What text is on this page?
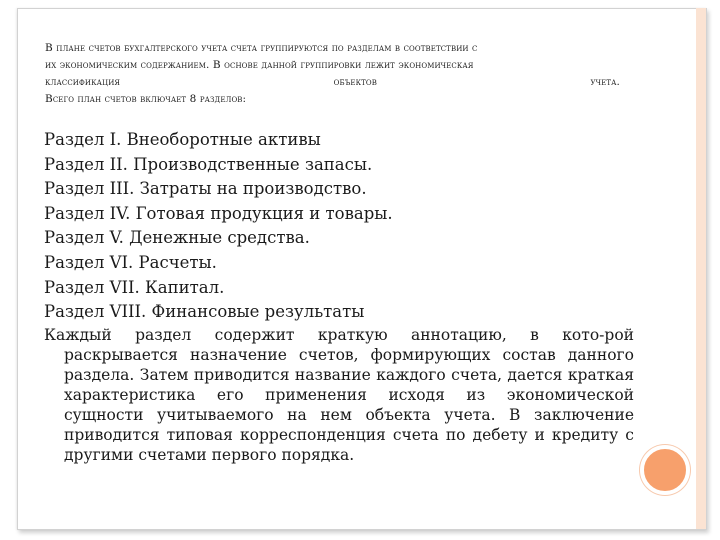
В плане счетов бухгалтерского учета счета группируются по разделам в соответствии с
их экономическим содержанием. В основе данной группировки лежит экономическая
классификация	объектов	учета.
Всего план счетов включает 8 разделов:
Раздел I. Внеоборотные активы
Раздел II. Производственные запасы.
Раздел III. Затраты на производство.
Раздел IV. Готовая продукция и товары.
Раздел V. Денежные средства.
Раздел VI. Расчеты.
Раздел VII. Капитал.
Раздел VIII. Финансовые результаты
Каждый раздел содержит краткую аннотацию, в кото-рой раскрывается назначение счетов, формирующих состав данного раздела. Затем приводится название каждого счета, дается краткая характеристика его применения исходя из экономической сущности учитываемого на нем объекта учета. В заключение приводится типовая корреспонденция счета по дебету и кредиту с другими счетами первого порядка.
